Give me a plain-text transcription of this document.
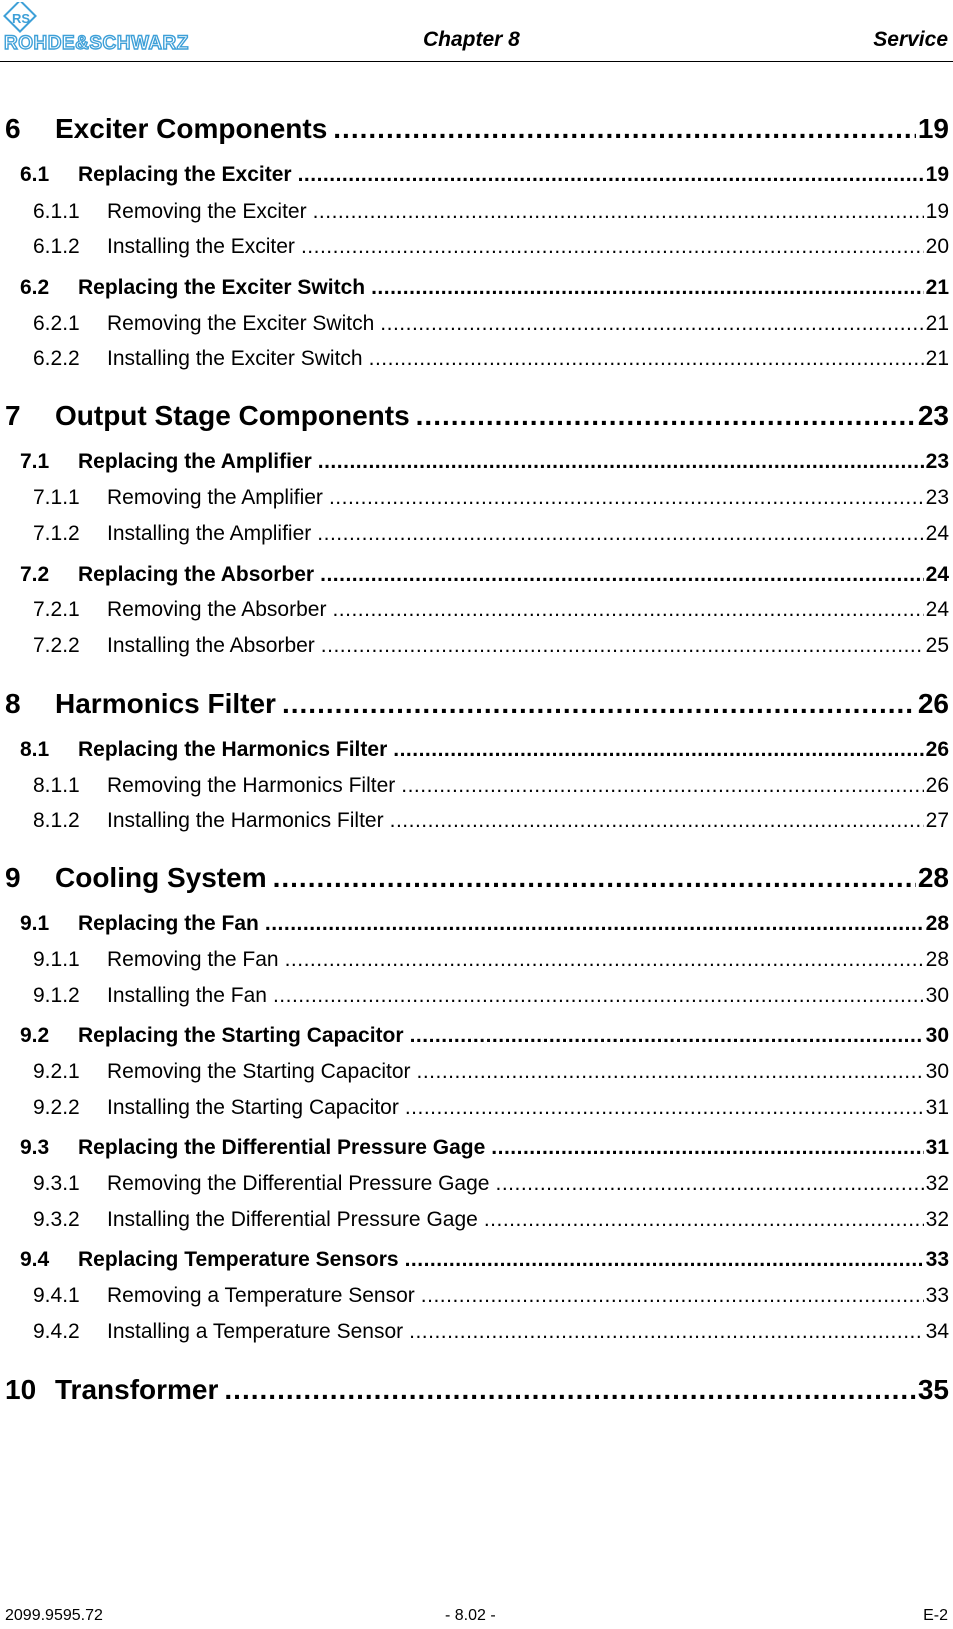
RS
ROHDE&SCHWARZ	Chapter 8	Service
6	Exciter Components .....	19
6.1	Replacing the Exciter .....	19
6.1.1	Removing the Exciter .....	19
6.1.2	Installing the Exciter .....	20
6.2	Replacing the Exciter Switch .....	21
6.2.1	Removing the Exciter Switch .....	21
6.2.2	Installing the Exciter Switch .....	21
7	Output Stage Components .....	23
7.1	Replacing the Amplifier .....	23
7.1.1	Removing the Amplifier .....	23
7.1.2	Installing the Amplifier .....	24
7.2	Replacing the Absorber .....	24
7.2.1	Removing the Absorber .....	24
7.2.2	Installing the Absorber .....	25
8	Harmonics Filter .....	26
8.1	Replacing the Harmonics Filter .....	26
8.1.1	Removing the Harmonics Filter .....	26
8.1.2	Installing the Harmonics Filter .....	27
9	Cooling System .....	28
9.1	Replacing the Fan .....	28
9.1.1	Removing the Fan .....	28
9.1.2	Installing the Fan .....	30
9.2	Replacing the Starting Capacitor .....	30
9.2.1	Removing the Starting Capacitor .....	30
9.2.2	Installing the Starting Capacitor .....	31
9.3	Replacing the Differential Pressure Gage .....	31
9.3.1	Removing the Differential Pressure Gage .....	32
9.3.2	Installing the Differential Pressure Gage .....	32
9.4	Replacing Temperature Sensors .....	33
9.4.1	Removing a Temperature Sensor .....	33
9.4.2	Installing a Temperature Sensor .....	34
10 Transformer .....	35
2099.9595.72	- 8.02 -	E-2
